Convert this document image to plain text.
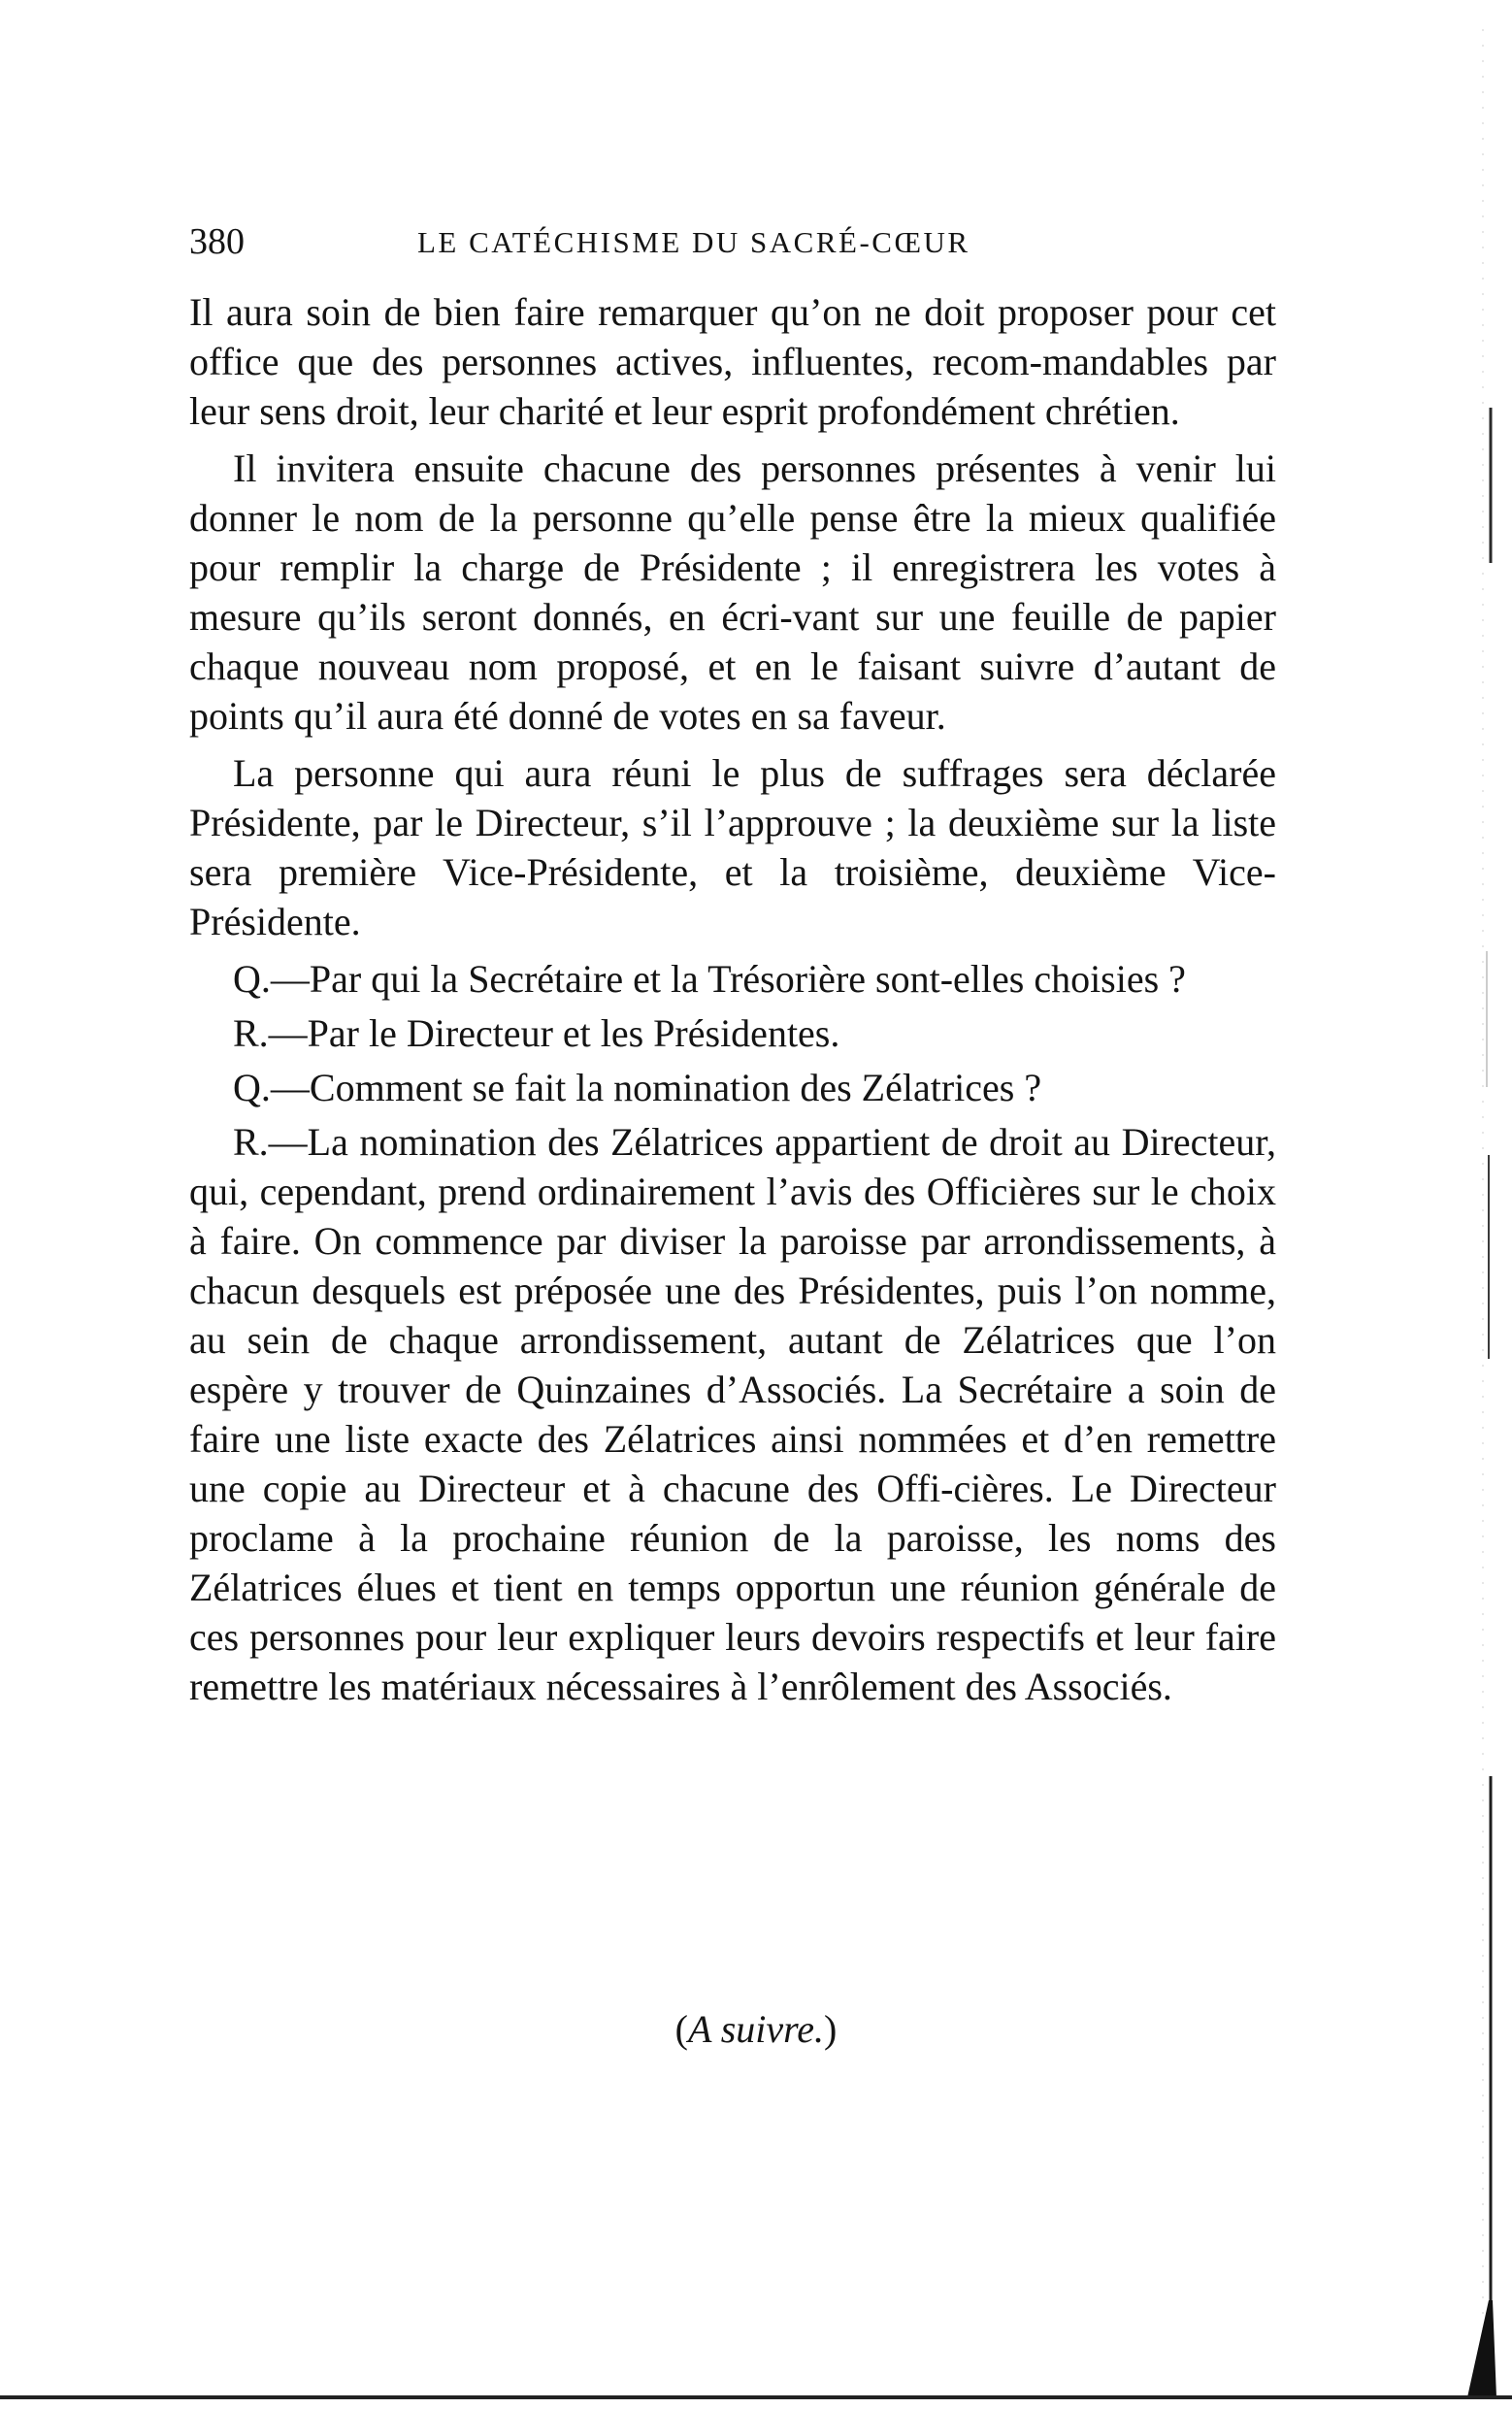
380	LE CATÉCHISME DU SACRÉ-CŒUR

Il aura soin de bien faire remarquer qu’on ne doit proposer pour cet office que des personnes actives, influentes, recom-mandables par leur sens droit, leur charité et leur esprit profondément chrétien.

Il invitera ensuite chacune des personnes présentes à venir lui donner le nom de la personne qu’elle pense être la mieux qualifiée pour remplir la charge de Présidente ; il enregistrera les votes à mesure qu’ils seront donnés, en écri-vant sur une feuille de papier chaque nouveau nom proposé, et en le faisant suivre d’autant de points qu’il aura été donné de votes en sa faveur.

La personne qui aura réuni le plus de suffrages sera déclarée Présidente, par le Directeur, s’il l’approuve ; la deuxième sur la liste sera première Vice-Présidente, et la troisième, deuxième Vice-Présidente.

Q.—Par qui la Secrétaire et la Trésorière sont-elles choisies ?

R.—Par le Directeur et les Présidentes.

Q.—Comment se fait la nomination des Zélatrices ?

R.—La nomination des Zélatrices appartient de droit au Directeur, qui, cependant, prend ordinairement l’avis des Officières sur le choix à faire. On commence par diviser la paroisse par arrondissements, à chacun desquels est préposée une des Présidentes, puis l’on nomme, au sein de chaque arrondissement, autant de Zélatrices que l’on espère y trouver de Quinzaines d’Associés. La Secrétaire a soin de faire une liste exacte des Zélatrices ainsi nommées et d’en remettre une copie au Directeur et à chacune des Offi-cières. Le Directeur proclame à la prochaine réunion de la paroisse, les noms des Zélatrices élues et tient en temps opportun une réunion générale de ces personnes pour leur expliquer leurs devoirs respectifs et leur faire remettre les matériaux nécessaires à l’enrôlement des Associés.

(A suivre.)
